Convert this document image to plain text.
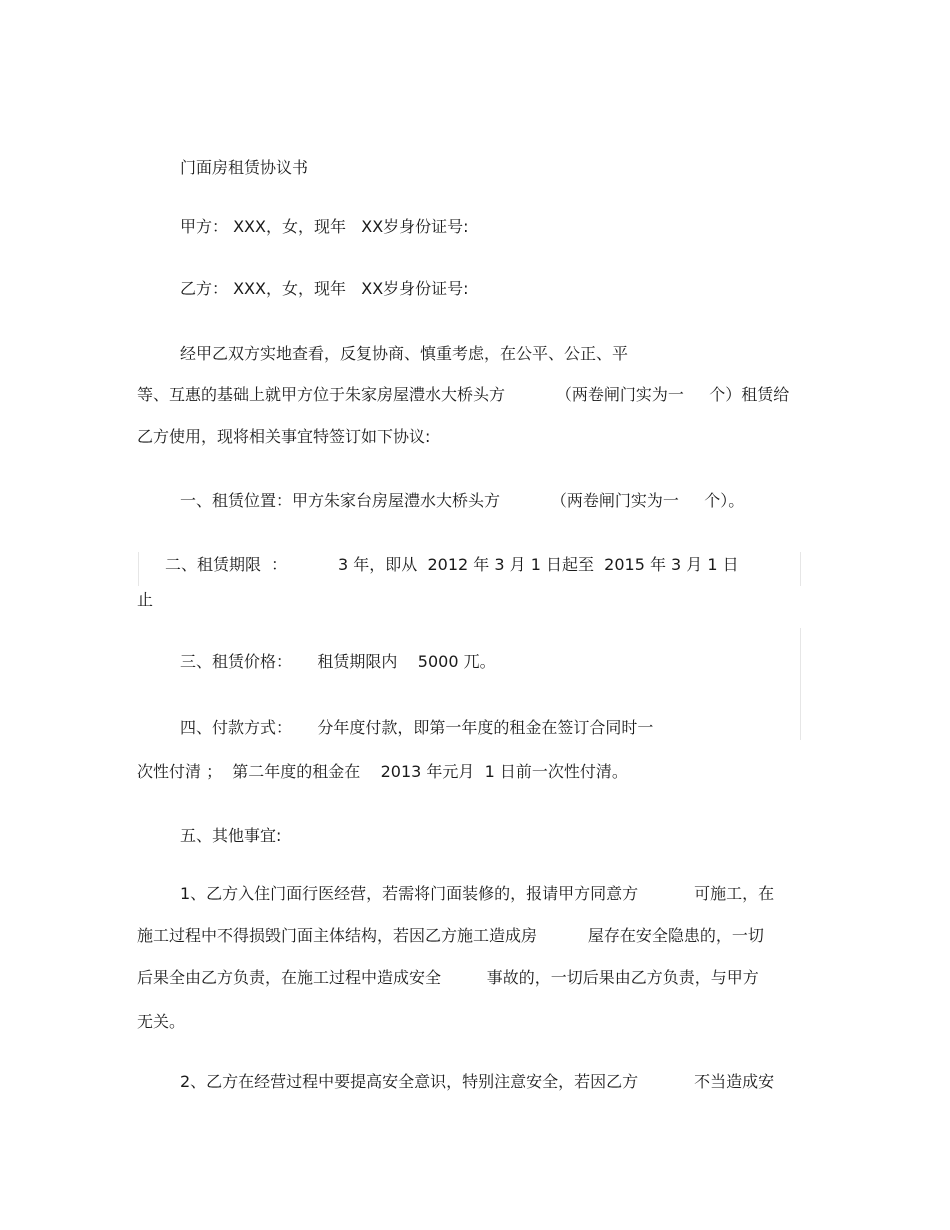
门面房租赁协议书
甲方： XXX，女，现年   XX岁身份证号:
乙方： XXX，女，现年   XX岁身份证号:
经甲乙双方实地查看，反复协商、慎重考虑，在公平、公正、平
等、互惠的基础上就甲方位于朱家房屋澧水大桥头方          （两卷闸门实为一     个）租赁给
乙方使用，现将相关事宜特签订如下协议:
一、租赁位置：甲方朱家台房屋澧水大桥头方          （两卷闸门实为一     个）。
二、租赁期限  ：          3 年，即从  2012 年 3 月 1 日起至  2015 年 3 月 1 日
止
三、租赁价格：     租赁期限内    5000 兀。
四、付款方式：     分年度付款，即第一年度的租金在签订合同时一
次性付清 ；  第二年度的租金在    2013 年元月  1 日前一次性付清。
五、其他事宜:
1、乙方入住门面行医经营，若需将门面装修的，报请甲方同意方           可施工，在
施工过程中不得损毁门面主体结构，若因乙方施工造成房          屋存在安全隐患的，一切
后果全由乙方负责，在施工过程中造成安全         事故的，一切后果由乙方负责，与甲方
无关。
2、乙方在经营过程中要提高安全意识，特别注意安全，若因乙方           不当造成安
